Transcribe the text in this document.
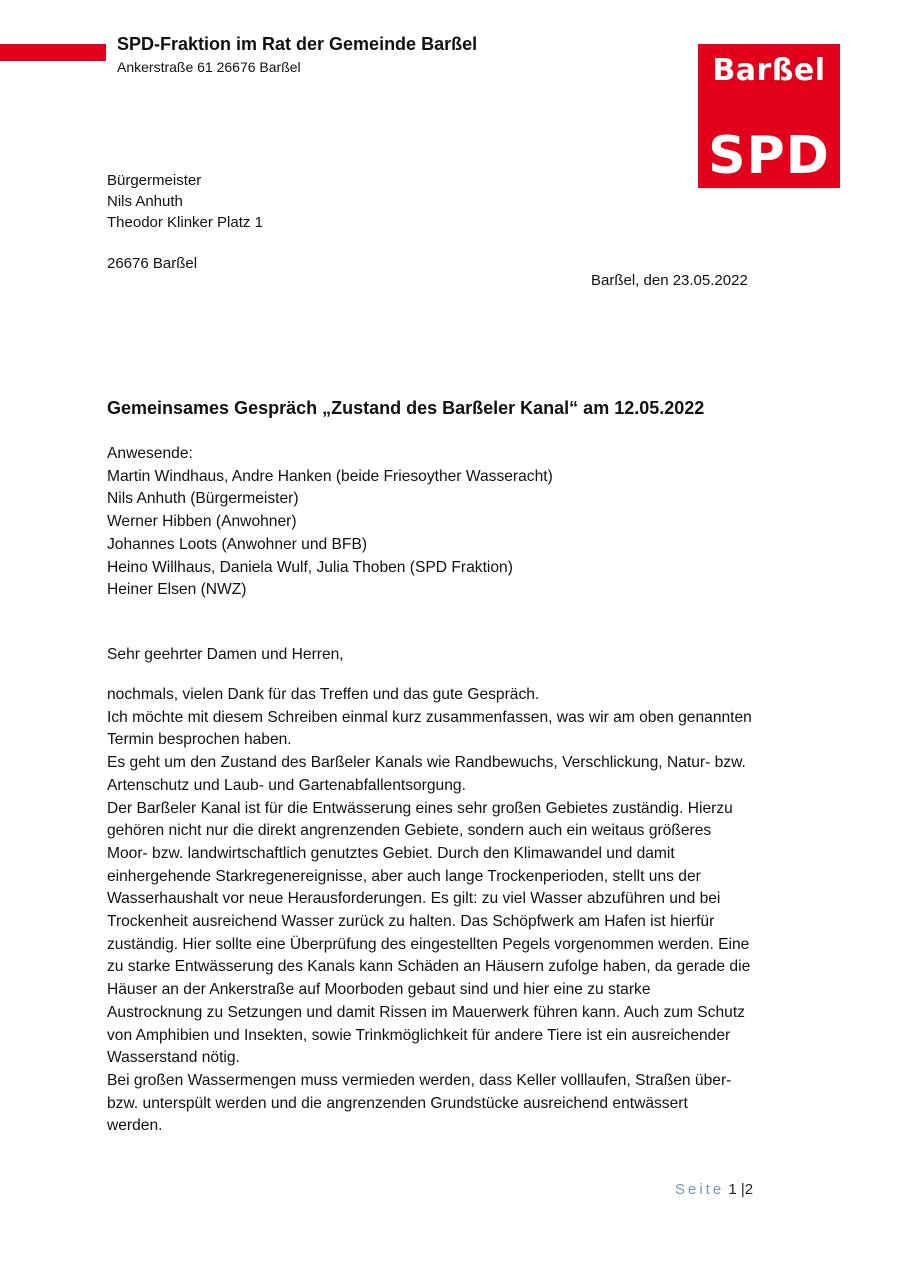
SPD-Fraktion im Rat der Gemeinde Barßel
Ankerstraße 61 26676 Barßel	Barßel
SPD
Bürgermeister
Nils Anhuth
Theodor Klinker Platz 1
26676 Barßel
Barßel, den 23.05.2022
Gemeinsames Gespräch „Zustand des Barßeler Kanal“ am 12.05.2022
Anwesende:
Martin Windhaus, Andre Hanken (beide Friesoyther Wasseracht)
Nils Anhuth (Bürgermeister)
Werner Hibben (Anwohner)
Johannes Loots (Anwohner und BFB)
Heino Willhaus, Daniela Wulf, Julia Thoben (SPD Fraktion)
Heiner Elsen (NWZ)
Sehr geehrter Damen und Herren,
nochmals, vielen Dank für das Treffen und das gute Gespräch.
Ich möchte mit diesem Schreiben einmal kurz zusammenfassen, was wir am oben genannten
Termin besprochen haben.
Es geht um den Zustand des Barßeler Kanals wie Randbewuchs, Verschlickung, Natur- bzw.
Artenschutz und Laub- und Gartenabfallentsorgung.
Der Barßeler Kanal ist für die Entwässerung eines sehr großen Gebietes zuständig. Hierzu
gehören nicht nur die direkt angrenzenden Gebiete, sondern auch ein weitaus größeres
Moor- bzw. landwirtschaftlich genutztes Gebiet. Durch den Klimawandel und damit
einhergehende Starkregenereignisse, aber auch lange Trockenperioden, stellt uns der
Wasserhaushalt vor neue Herausforderungen. Es gilt: zu viel Wasser abzuführen und bei
Trockenheit ausreichend Wasser zurück zu halten. Das Schöpfwerk am Hafen ist hierfür
zuständig. Hier sollte eine Überprüfung des eingestellten Pegels vorgenommen werden. Eine
zu starke Entwässerung des Kanals kann Schäden an Häusern zufolge haben, da gerade die
Häuser an der Ankerstraße auf Moorboden gebaut sind und hier eine zu starke
Austrocknung zu Setzungen und damit Rissen im Mauerwerk führen kann. Auch zum Schutz
von Amphibien und Insekten, sowie Trinkmöglichkeit für andere Tiere ist ein ausreichender
Wasserstand nötig.
Bei großen Wassermengen muss vermieden werden, dass Keller volllaufen, Straßen über-
bzw. unterspült werden und die angrenzenden Grundstücke ausreichend entwässert
werden.
Seite 1 |2
